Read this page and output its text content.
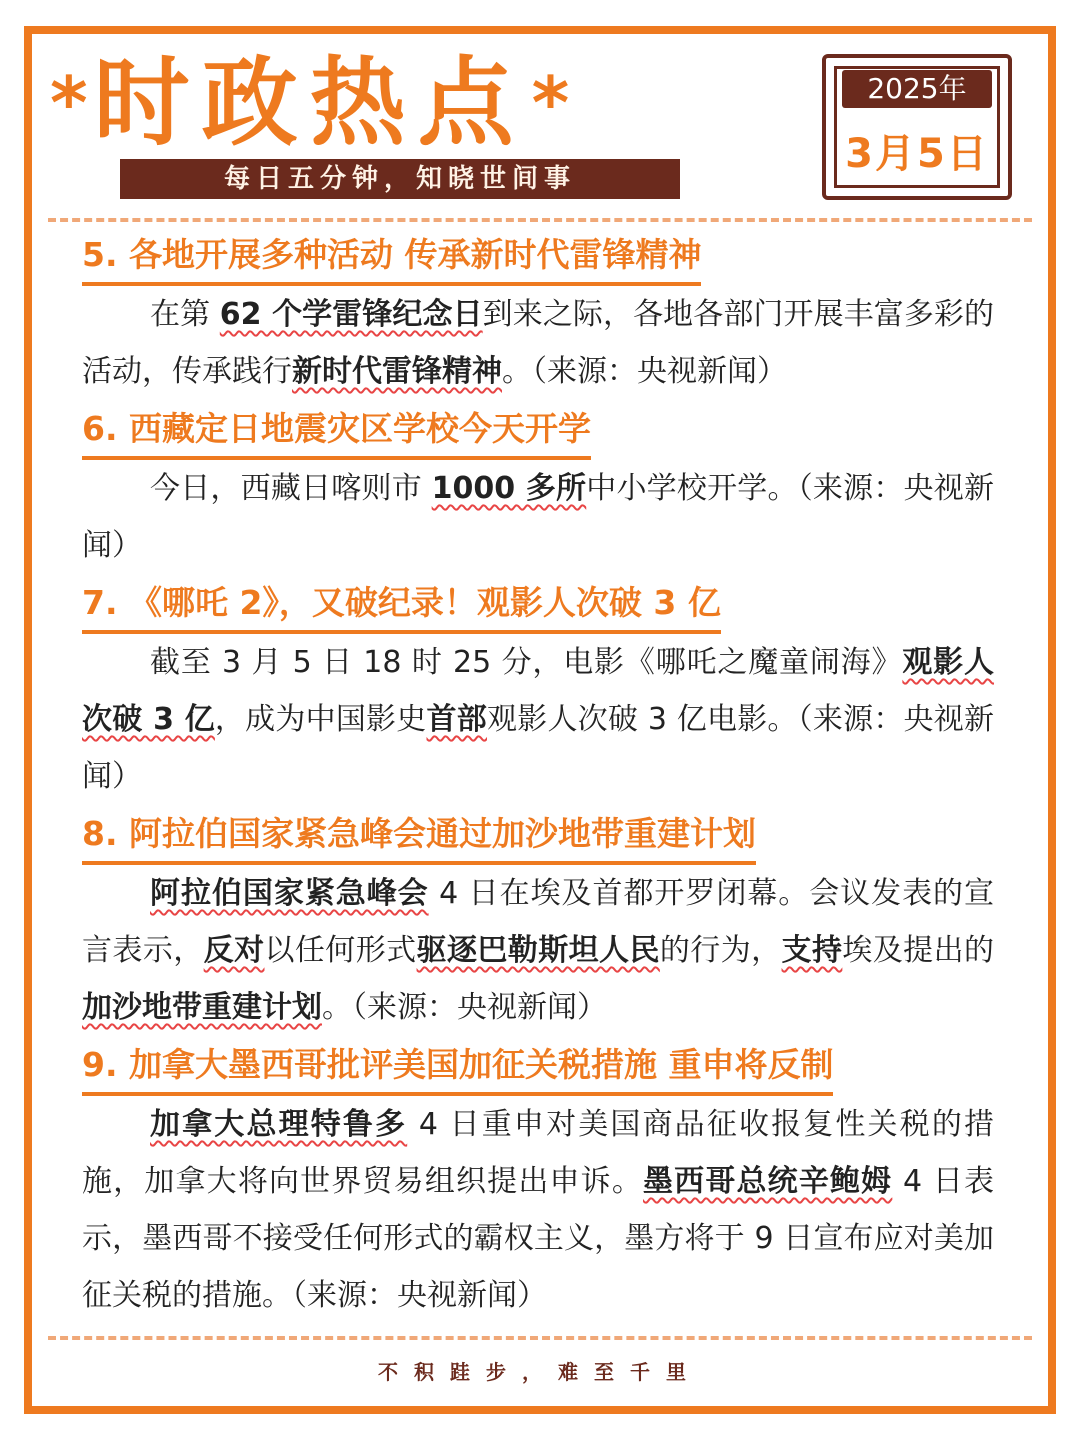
* 时政热点 *
每日五分钟，知晓世间事
2025年
3月5日
5. 各地开展多种活动 传承新时代雷锋精神

在第 62 个学雷锋纪念日到来之际，各地各部门开展丰富多彩的活动，传承践行新时代雷锋精神。（来源：央视新闻）

6. 西藏定日地震灾区学校今天开学

今日，西藏日喀则市 1000 多所中小学校开学。（来源：央视新闻）

7. 《哪吒 2》，又破纪录！观影人次破 3 亿

截至 3 月 5 日 18 时 25 分，电影《哪吒之魔童闹海》观影人次破 3 亿，成为中国影史首部观影人次破 3 亿电影。（来源：央视新闻）

8. 阿拉伯国家紧急峰会通过加沙地带重建计划

阿拉伯国家紧急峰会 4 日在埃及首都开罗闭幕。会议发表的宣言表示，反对以任何形式驱逐巴勒斯坦人民的行为，支持埃及提出的加沙地带重建计划。（来源：央视新闻）

9. 加拿大墨西哥批评美国加征关税措施 重申将反制

加拿大总理特鲁多 4 日重申对美国商品征收报复性关税的措施，加拿大将向世界贸易组织提出申诉。墨西哥总统辛鲍姆 4 日表示，墨西哥不接受任何形式的霸权主义，墨方将于 9 日宣布应对美加征关税的措施。（来源：央视新闻）

不积跬步，难至千里
